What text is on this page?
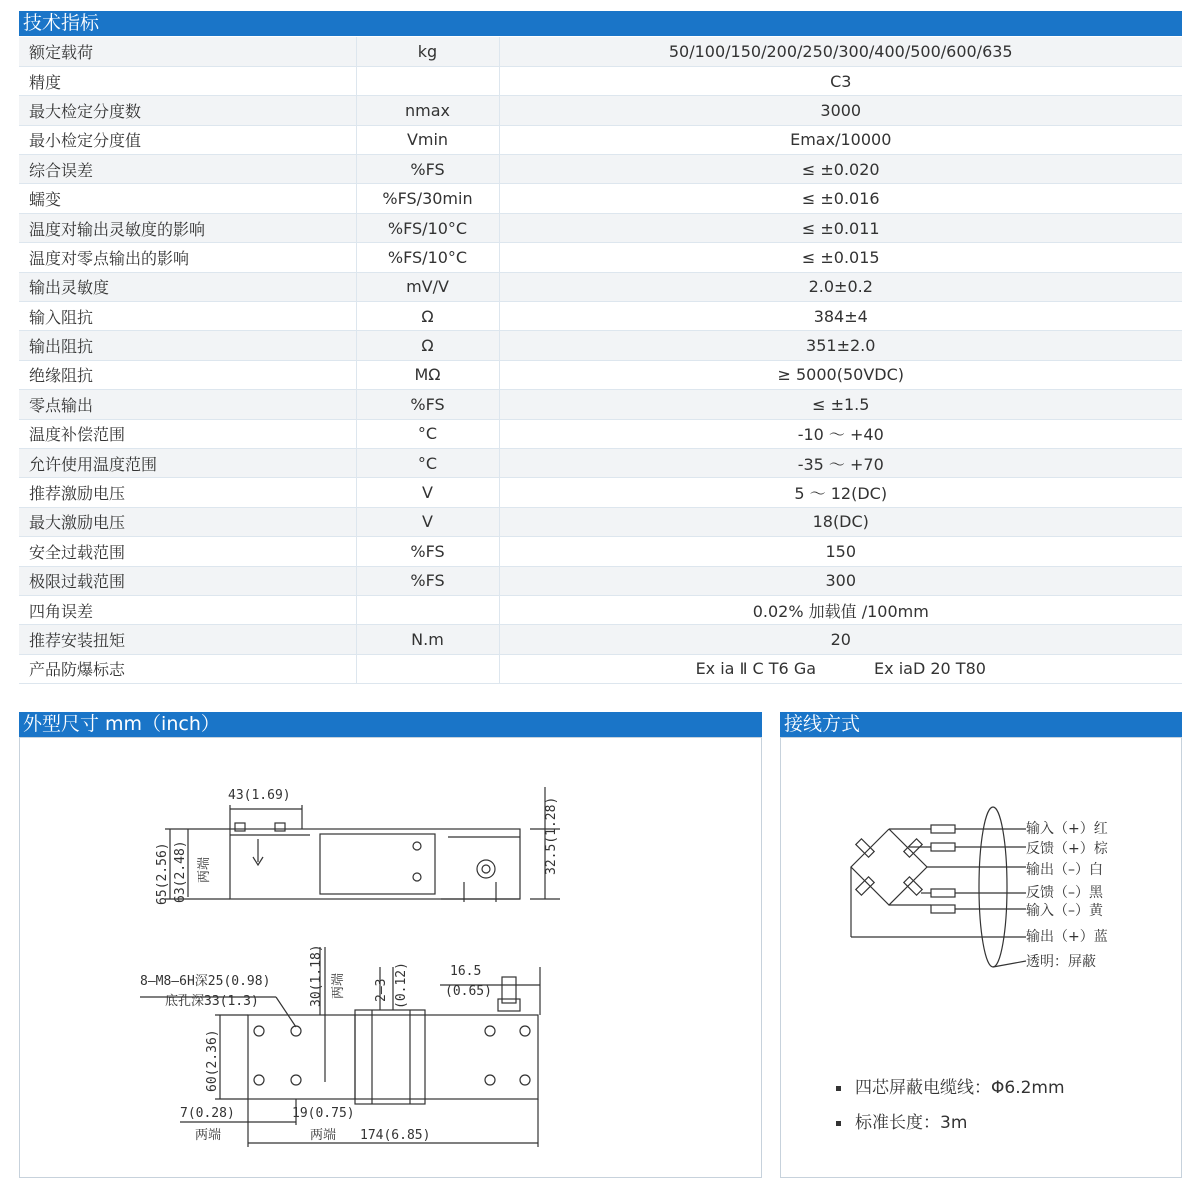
技术指标
额定载荷	kg	50/100/150/200/250/300/400/500/600/635
精度		C3
最大检定分度数	nmax	3000
最小检定分度值	Vmin	Emax/10000
综合误差	%FS	≤ ±0.020
蠕变	%FS/30min	≤ ±0.016
温度对输出灵敏度的影响	%FS/10°C	≤ ±0.011
温度对零点输出的影响	%FS/10°C	≤ ±0.015
输出灵敏度	mV/V	2.0±0.2
输入阻抗	Ω	384±4
输出阻抗	Ω	351±2.0
绝缘阻抗	MΩ	≥ 5000(50VDC)
零点输出	%FS	≤ ±1.5
温度补偿范围	°C	-10 ～ +40
允许使用温度范围	°C	-35 ～ +70
推荐激励电压	V	5 ～ 12(DC)
最大激励电压	V	18(DC)
安全过载范围	%FS	150
极限过载范围	%FS	300
四角误差		0.02% 加载值 /100mm
推荐安装扭矩	N.m	20
产品防爆标志		Ex ia Ⅱ C T6 Ga Ex iaD 20 T80
外型尺寸 mm（inch）
43(1.69)
65(2.56) 63(2.48) 两端	32.5(1.28)
8–M8–6H深25(0.98)
底孔深33(1.3)	30(1.18) 两端 2–3 (0.12)	16.5
(0.65)
60(2.36)
7(0.28)	19(0.75)
两端	两端 174(6.85)
接线方式
输入（+）红
反馈（+）棕
输出（–）白
反馈（–）黑
输入（–）黄
输出（+）蓝
透明：屏蔽
四芯屏蔽电缆线：Φ6.2mm
标准长度：3m
